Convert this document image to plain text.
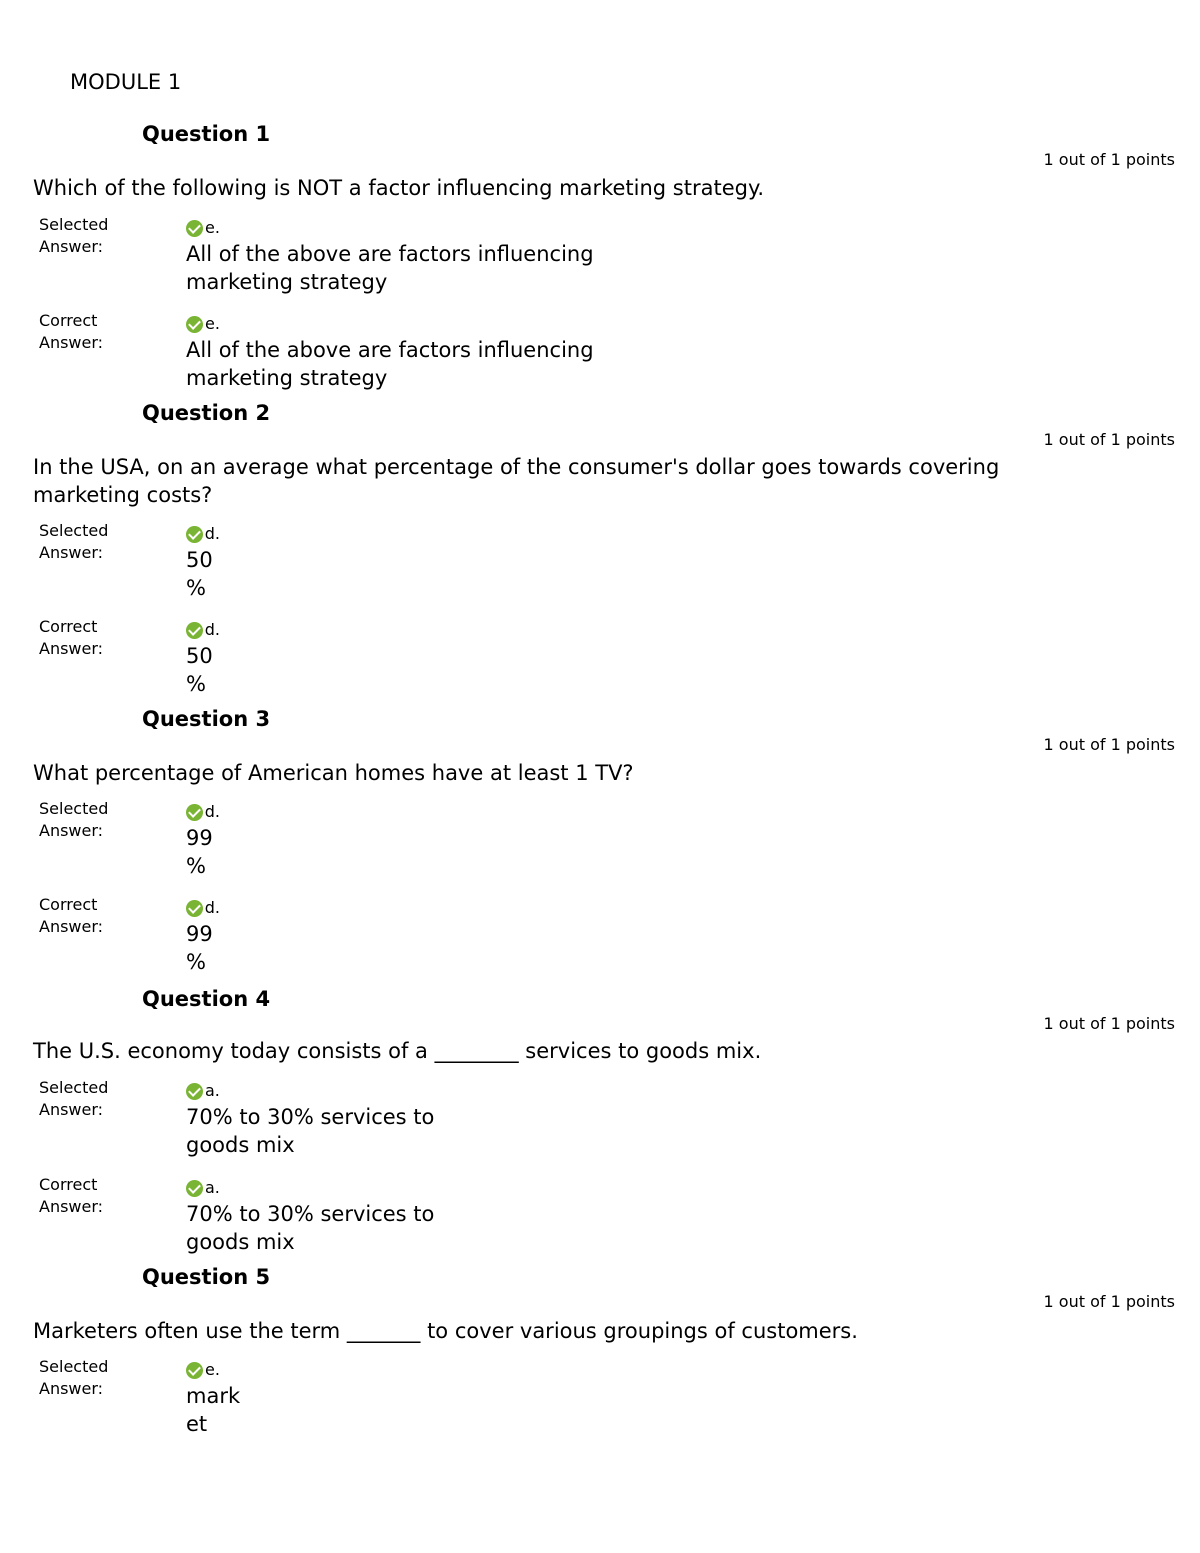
MODULE 1
Question 1
1 out of 1 points
Which of the following is NOT a factor influencing marketing strategy.
Selected Answer:
e.
All of the above are factors influencing marketing strategy
Correct Answer:
e.
All of the above are factors influencing marketing strategy
Question 2
1 out of 1 points
In the USA, on an average what percentage of the consumer's dollar goes towards covering marketing costs?
Selected Answer:
d.
50 %
Correct Answer:
d.
50 %
Question 3
1 out of 1 points
What percentage of American homes have at least 1 TV?
Selected Answer:
d.
99 %
Correct Answer:
d.
99 %
Question 4
1 out of 1 points
The U.S. economy today consists of a ________ services to goods mix.
Selected Answer:
a.
70% to 30% services to goods mix
Correct Answer:
a.
70% to 30% services to goods mix
Question 5
1 out of 1 points
Marketers often use the term _______ to cover various groupings of customers.
Selected Answer:
e.
market
